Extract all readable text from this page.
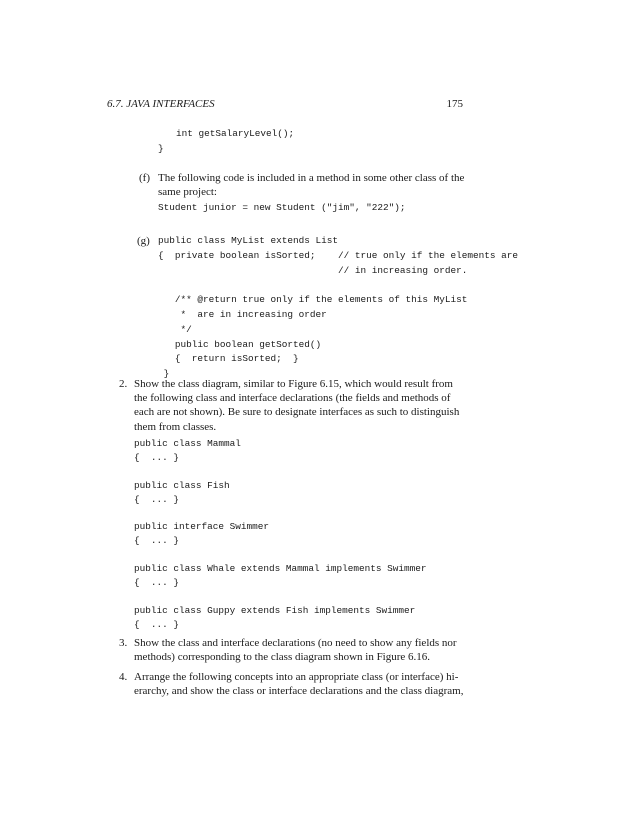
6.7. JAVA INTERFACES	175
int getSalaryLevel();
}
(f) The following code is included in a method in some other class of the
same project:
Student junior = new Student ("jim", "222");
(g) public class MyList extends List
{  private boolean isSorted;    // true only if the elements are
// in increasing order.
/** @return true only if the elements of this MyList
*  are in increasing order
*/
public boolean getSorted()
{  return isSorted;  }
}
2. Show the class diagram, similar to Figure 6.15, which would result from
the following class and interface declarations (the fields and methods of
each are not shown). Be sure to designate interfaces as such to distinguish
them from classes.
public class Mammal
{  ... }
public class Fish
{  ... }
public interface Swimmer
{  ... }
public class Whale extends Mammal implements Swimmer
{  ... }
public class Guppy extends Fish implements Swimmer
{  ... }
3. Show the class and interface declarations (no need to show any fields nor
methods) corresponding to the class diagram shown in Figure 6.16.
4. Arrange the following concepts into an appropriate class (or interface) hi-
erarchy, and show the class or interface declarations and the class diagram,
